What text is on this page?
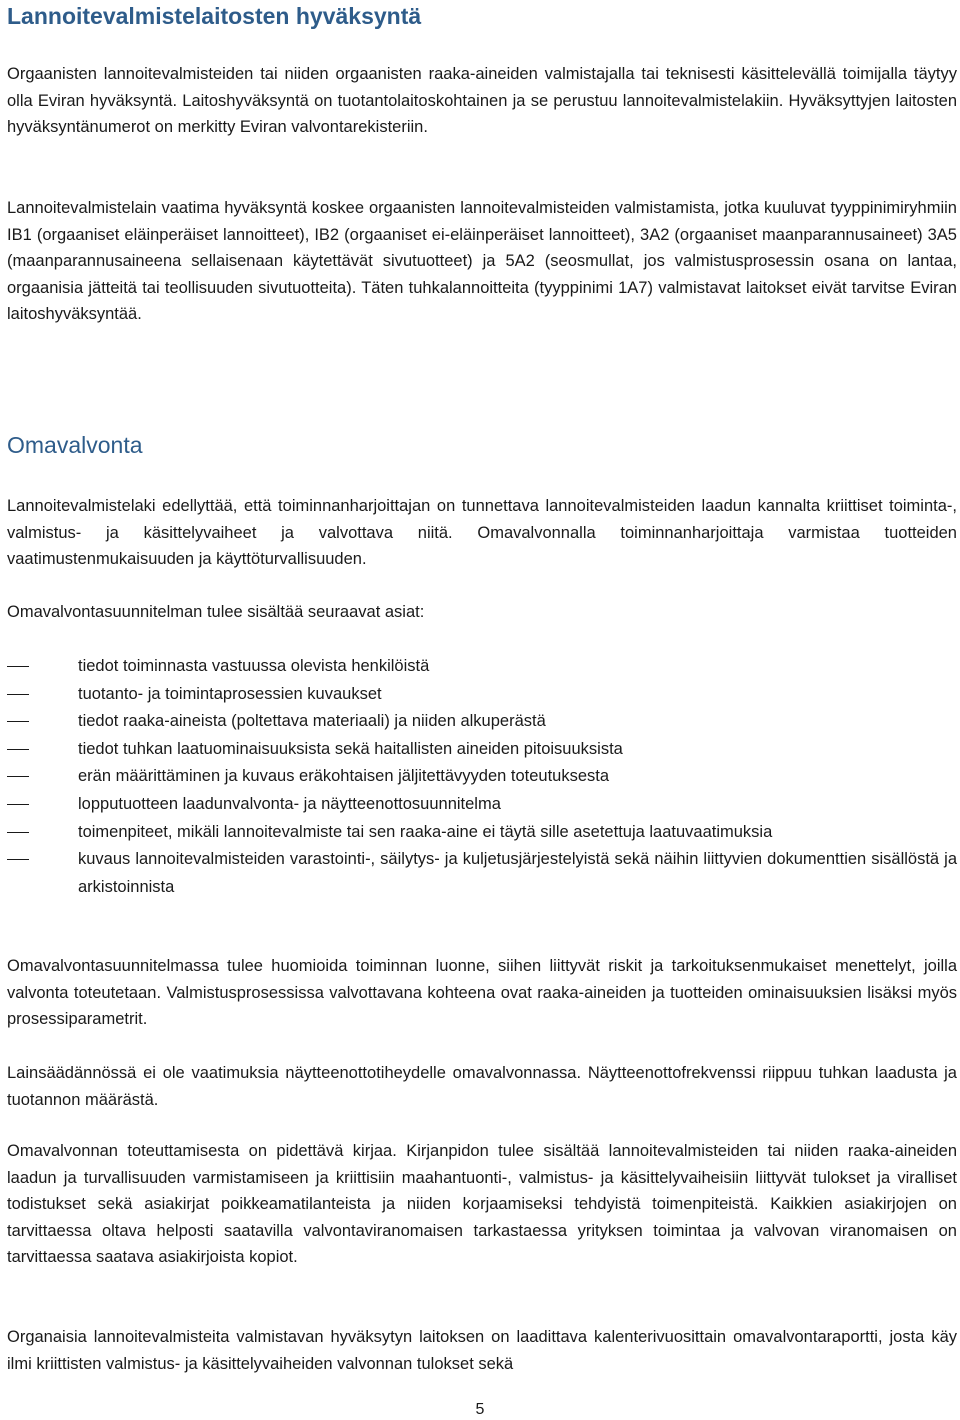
Lannoitevalmistelaitosten hyväksyntä

Orgaanisten lannoitevalmisteiden tai niiden orgaanisten raaka-aineiden valmistajalla tai teknisesti käsittelevällä toimijalla täytyy olla Eviran hyväksyntä. Laitoshyväksyntä on tuotantolaitoskohtainen ja se perustuu lannoitevalmistelakiin. Hyväksyttyjen laitosten hyväksyntänumerot on merkitty Eviran valvontarekisteriin.

Lannoitevalmistelain vaatima hyväksyntä koskee orgaanisten lannoitevalmisteiden valmistamista, jotka kuuluvat tyyppinimiryhmiin IB1 (orgaaniset eläinperäiset lannoitteet), IB2 (orgaaniset ei-eläinperäiset lannoitteet), 3A2 (orgaaniset maanparannusaineet) 3A5 (maanparannusaineena sellaisenaan käytettävät sivutuotteet) ja 5A2 (seosmullat, jos valmistusprosessin osana on lantaa, orgaanisia jätteitä tai teollisuuden sivutuotteita). Täten tuhkalannoitteita (tyyppinimi 1A7) valmistavat laitokset eivät tarvitse Eviran laitoshyväksyntää.

Omavalvonta

Lannoitevalmistelaki edellyttää, että toiminnanharjoittajan on tunnettava lannoitevalmisteiden laadun kannalta kriittiset toiminta-, valmistus- ja käsittelyvaiheet ja valvottava niitä. Omavalvonnalla toiminnanharjoittaja varmistaa tuotteiden vaatimustenmukaisuuden ja käyttöturvallisuuden.

Omavalvontasuunnitelman tulee sisältää seuraavat asiat:

tiedot toiminnasta vastuussa olevista henkilöistä
tuotanto- ja toimintaprosessien kuvaukset
tiedot raaka-aineista (poltettava materiaali) ja niiden alkuperästä
tiedot tuhkan laatuominaisuuksista sekä haitallisten aineiden pitoisuuksista
erän määrittäminen ja kuvaus eräkohtaisen jäljitettävyyden toteutuksesta
lopputuotteen laadunvalvonta- ja näytteenottosuunnitelma
toimenpiteet, mikäli lannoitevalmiste tai sen raaka-aine ei täytä sille asetettuja laatuvaatimuksia
kuvaus lannoitevalmisteiden varastointi-, säilytys- ja kuljetusjärjestelyistä sekä näihin liittyvien dokumenttien sisällöstä ja arkistoinnista

Omavalvontasuunnitelmassa tulee huomioida toiminnan luonne, siihen liittyvät riskit ja tarkoituksenmukaiset menettelyt, joilla valvonta toteutetaan. Valmistusprosessissa valvottavana kohteena ovat raaka-aineiden ja tuotteiden ominaisuuksien lisäksi myös prosessiparametrit.

Lainsäädännössä ei ole vaatimuksia näytteenottotiheydelle omavalvonnassa. Näytteenottofrekvenssi riippuu tuhkan laadusta ja tuotannon määrästä.

Omavalvonnan toteuttamisesta on pidettävä kirjaa. Kirjanpidon tulee sisältää lannoitevalmisteiden tai niiden raaka-aineiden laadun ja turvallisuuden varmistamiseen ja kriittisiin maahantuonti-, valmistus- ja käsittelyvaiheisiin liittyvät tulokset ja viralliset todistukset sekä asiakirjat poikkeamatilanteista ja niiden korjaamiseksi tehdyistä toimenpiteistä. Kaikkien asiakirjojen on tarvittaessa oltava helposti saatavilla valvontaviranomaisen tarkastaessa yrityksen toimintaa ja valvovan viranomaisen on tarvittaessa saatava asiakirjoista kopiot.

Organaisia lannoitevalmisteita valmistavan hyväksytyn laitoksen on laadittava kalenterivuosittain omavalvontaraportti, josta käy ilmi kriittisten valmistus- ja käsittelyvaiheiden valvonnan tulokset sekä

5
